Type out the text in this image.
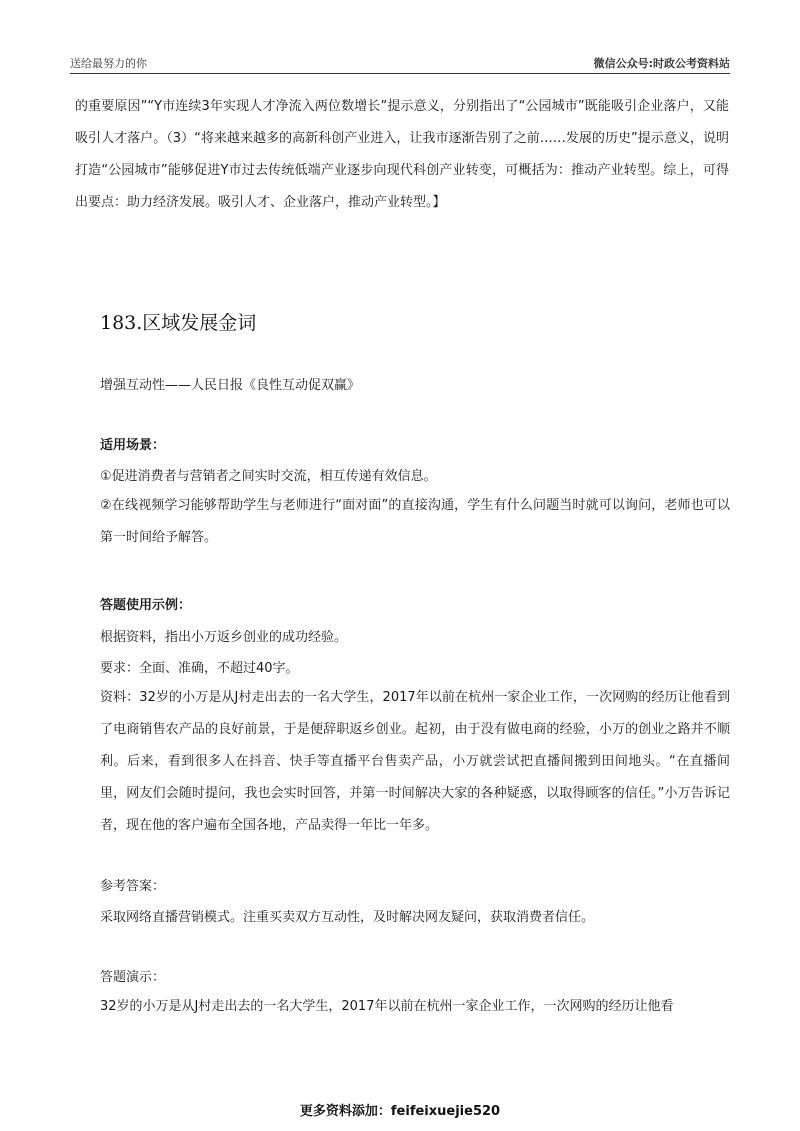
送给最努力的你	微信公众号:时政公考资料站
的重要原因”“Y市连续3年实现人才净流入两位数增长”提示意义，分别指出了“公园城市”既能吸引企业落户，又能吸引人才落户。（3）“将来越来越多的高新科创产业进入，让我市逐渐告别了之前……发展的历史”提示意义，说明打造“公园城市”能够促进Y市过去传统低端产业逐步向现代科创产业转变，可概括为：推动产业转型。综上，可得出要点：助力经济发展。吸引人才、企业落户，推动产业转型。】
183.区域发展金词
增强互动性——人民日报《良性互动促双赢》
适用场景：
①促进消费者与营销者之间实时交流，相互传递有效信息。
②在线视频学习能够帮助学生与老师进行“面对面”的直接沟通，学生有什么问题当时就可以询问，老师也可以第一时间给予解答。
答题使用示例：
根据资料，指出小万返乡创业的成功经验。
要求：全面、准确，不超过40字。
资料：32岁的小万是从J村走出去的一名大学生，2017年以前在杭州一家企业工作，一次网购的经历让他看到了电商销售农产品的良好前景，于是便辞职返乡创业。起初，由于没有做电商的经验，小万的创业之路并不顺利。后来，看到很多人在抖音、快手等直播平台售卖产品，小万就尝试把直播间搬到田间地头。“在直播间里，网友们会随时提问，我也会实时回答，并第一时间解决大家的各种疑惑，以取得顾客的信任。”小万告诉记者，现在他的客户遍布全国各地，产品卖得一年比一年多。
参考答案：
采取网络直播营销模式。注重买卖双方互动性，及时解决网友疑问，获取消费者信任。
答题演示：
32岁的小万是从J村走出去的一名大学生，2017年以前在杭州一家企业工作，一次网购的经历让他看
更多资料添加：feifeixuejie520
